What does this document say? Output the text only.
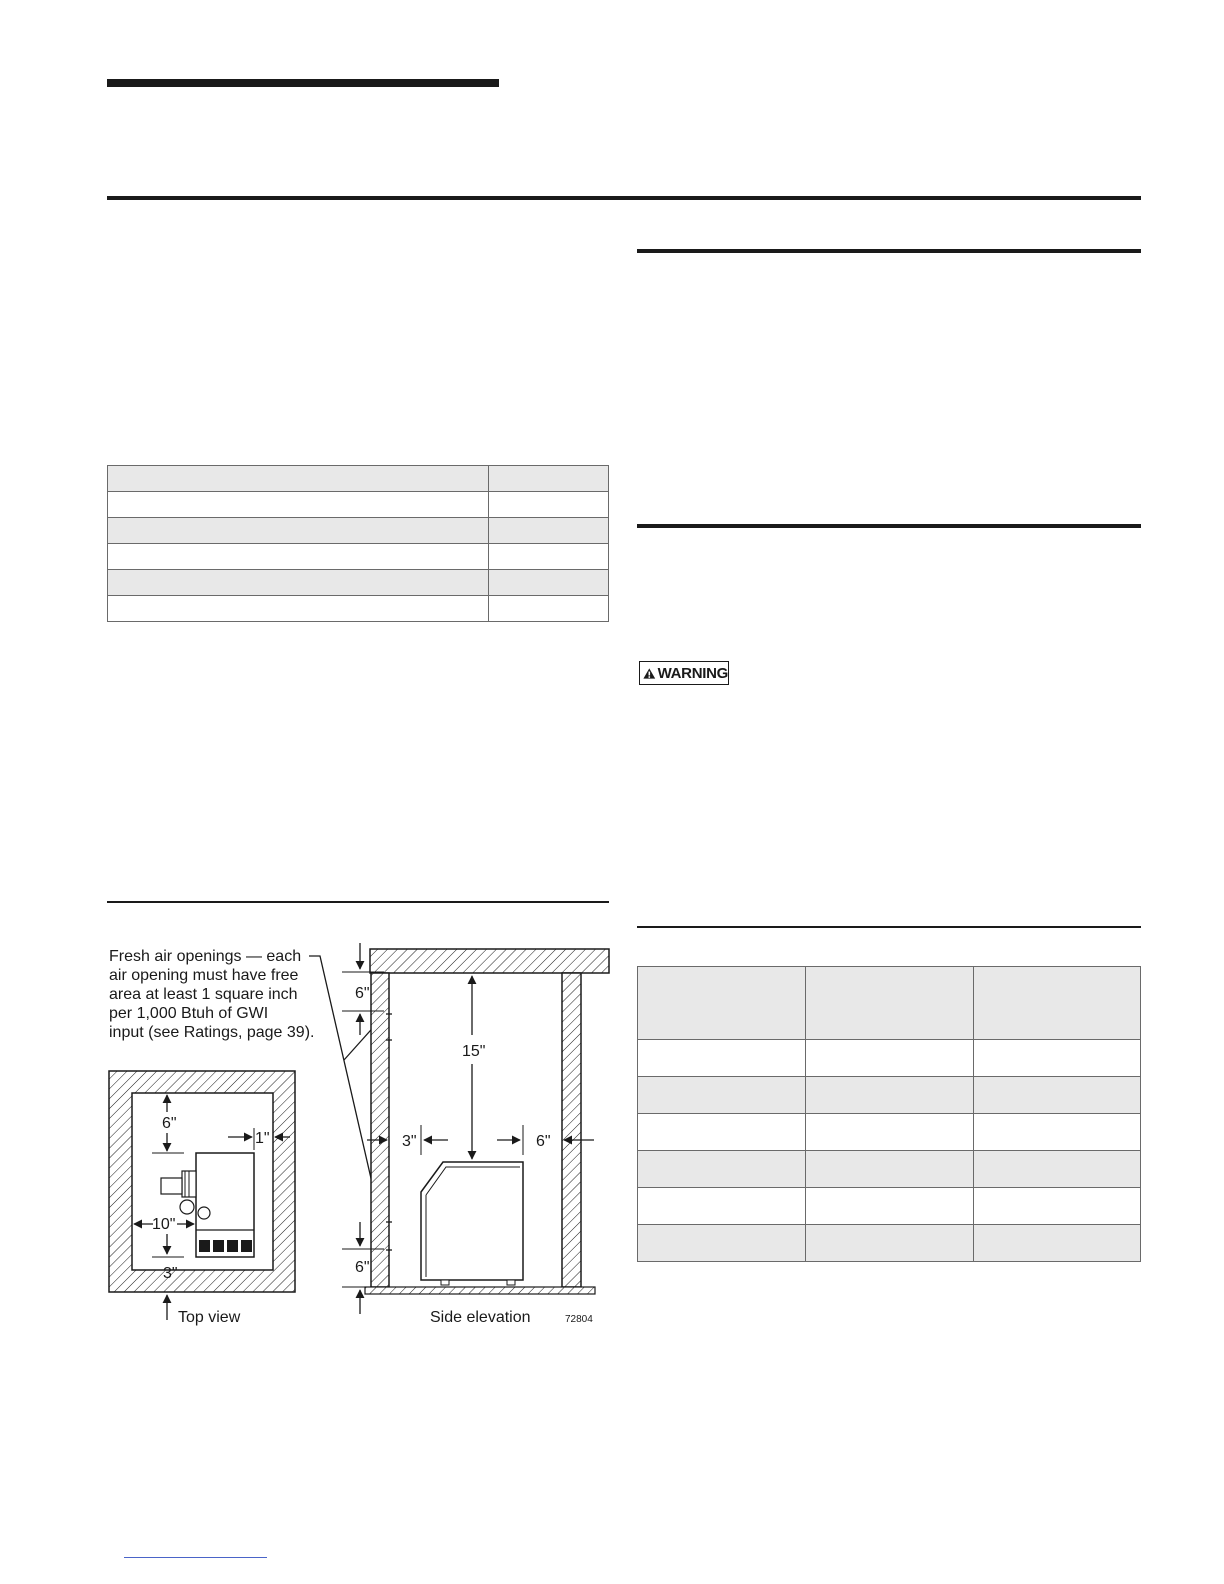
WARNING

Fresh air openings — each
air opening must have free
area at least 1 square inch
per 1,000 Btuh of GWI
input (see Ratings, page 39).
6"
1"
10"
3"
Top view
6"
15"
3"	6"
6"
Side elevation	72804
